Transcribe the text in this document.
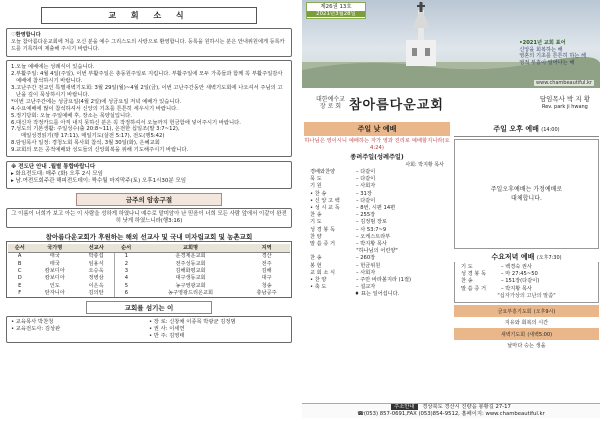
교 회 소 식
♡환영합니다
오늘 참아름다운교회에 처음 오신 분을 예수 그리스도의 사랑으로 환영합니다. 등록을 원하시는 분은 안내위원에게 등록카드를 기록하여 제출해 주시기 바랍니다.
1.오늘 예배에는 성례식이 있습니다.
2.부활주일: 4월 4일(주일), 이번 부활주일은 총동원주일로 지킵니다. 부활주일에 모두 가족들과 함께 꼭 부활주일감사예배에 참석하시기 바랍니다.
3.고난주간 전교인 특별새벽기도회: 3월 29일(월)~4월 2일(금), 이번 고난주간동안 새벽기도회에 나오셔서 주님의 고난을 깊이 묵상하시기 바랍니다.
*이번 고난주간에는 성금요일(4월 2일)에 성금요일 저녁 예배가 있습니다.
4.수요예배에 많이 참석하셔서 신앙의 기초를 튼튼히 세우시기 바랍니다.
5.정기당회: 오늘 주일예배 후, 장소는 목양실입니다.
6.대신자 작정카드를 아직 내지 못하신 분은 꼭 작정하셔서 오늘까지 헌금함에 넣어주시기 바랍니다.
7.성도의 기본생활: 주일성수(출 20:8~11), 온전한 십일조(말 3:7~12),
매일성경읽기(행 17:11), 매일기도(살전 5:17), 전도(행5:42)
8.담임목사 일정: 경청노회 목사회 참석, 3월 30일(화), 은혜교회
9.교회의 모든 공적예배와 성도들의 신앙회복을 위해 기도해주시기 바랍니다.
※ 전도단 안내 .월별 통합바랍니다
▸ 화요전도대: 매주 (화) 오후 2시 모임
▸ 남.여전도회주관 해피전도데이: 짝수월 마지막주(토) 오후1시30분 모임
금주의 암송구절
그 이름이 너희가 보고 아는 이 사람을 성하게 하였나니 예수로 말미암아 난 믿음이 너희 모든 사람 앞에서 이같이 완전히 낫게 하였느니라(행3:16)
참아름다운교회가 후원하는 해외 선교사 및 국내 미자립교회 및 농촌교회
순서	국가명	선교사	순서	교회명	지역
A	태국	박충섭	1	운경제운교회	경산
B	태국	임용식	2	전주성동교회	전주
C	캄보디아	오승욱	3	김해화평교회	김해
D	캄보디아	정병삼	4	대구생동교회	대구
E	인도	이은옥	5	농구영광교회	청송
F	탄자니아	김의탄	6	농구영광드리온교회	충남공주
교회를 섬기는 이
• 교육목사 박찬청
• 교육전도사: 김상완
• 장 로: 신창채 이종목 박광균 김정범
• 권 사: 이세연
• 반 주: 김영태
제26권 13호
2021년3월28일
•2021년 교회 표어
신앙을 회복하는 해
영혼의 기초를 튼튼히 하는 해
영적 부흥이 일어나는 해
www.chambeautiful.kr
대한예수교
장 로 회 참아름다운교회	담임목사 박 지 황
Rev. park ji hwang
주일 낮 예배
하나님은 영이시니 예배하는 자가 영과 진리로 예배할지니라(요4:24)
종려주일(성례주일)
사회: 박지황 목사
경배와찬양	– 다같이
묵 도	– 다같이
기 원	– 사회자
• 찬 송	– 31장
• 신 앙 고 백	– 다같이
• 성 시 교 독	– 8번, 시편 14편
찬 송	– 255장
기 도	– 김정범 장로
성 경 봉 독	– 사 53:7~9
찬 양	– 오케스트라부
말 씀 증 거	– 박지황 목사
"하나님의 어린양"
찬 송	– 260장
봉 헌	– 헌금위원
교 회 소 식	– 사회자
• 찬 양	– 주만 바라볼지라 (1절)
• 축 도	– 설교자
♦ 표는 일어섭니다.
주일 오후 예배 (14:00)
주일오후예배는 가정예배로
대체합니다.
수요저녁 예배 (오후7:30)
기 도	– 백경숙 권사
성 경 봉 독	– 마 27:45~50
찬 송	– 151장(다같이)
말 씀 증 거	– 박지황 목사
"십자가상의 고난의 말씀"
금요부흥기도회 (오후9시)
지유와 회복의 시간
새벽기도회 (새벽5:00)
날마다 승는 생을
주소안내 경상북도 경산시 진량읍 봉황길 27-17
☎(053) 857-0691,FAX (053)854-9512, 홈페이지: www.chambeautiful.kr
